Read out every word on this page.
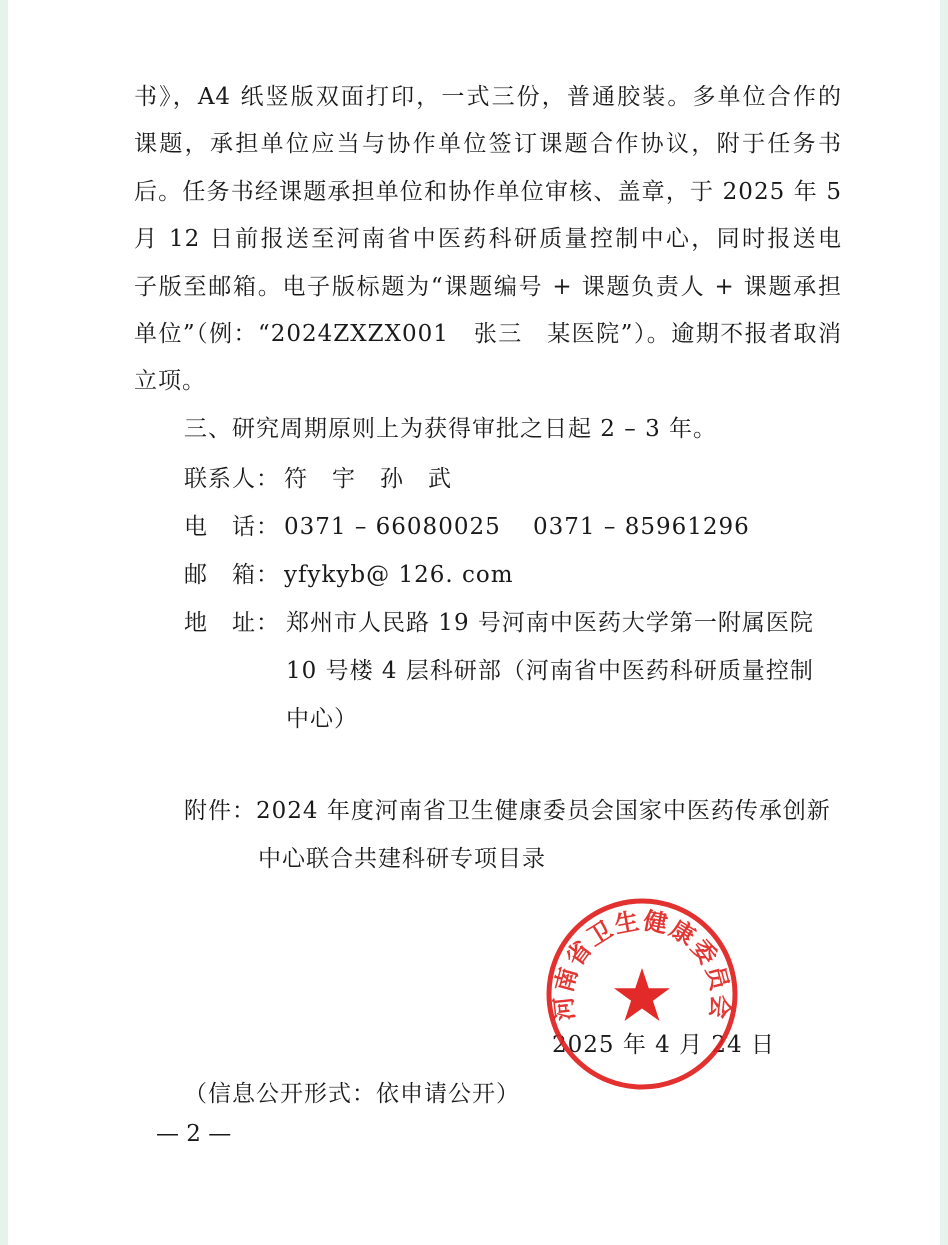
书》，A4 纸竖版双面打印，一式三份，普通胶装。多单位合作的
课题，承担单位应当与协作单位签订课题合作协议，附于任务书
后。任务书经课题承担单位和协作单位审核、盖章，于 2025 年 5
月 12 日前报送至河南省中医药科研质量控制中心，同时报送电
子版至邮箱。电子版标题为“课题编号 + 课题负责人 + 课题承担
单位”（例：“2024ZXZX001　张三　某医院”）。逾期不报者取消
立项。
三、研究周期原则上为获得审批之日起 2 – 3 年。
联系人： 符　宇　孙　武
电　话： 0371 – 66080025　 0371 – 85961296
邮　箱： yfykyb@ 126. com
地　址： 郑州市人民路 19 号河南中医药大学第一附属医院
10 号楼 4 层科研部（河南省中医药科研质量控制
中心）
附件：2024 年度河南省卫生健康委员会国家中医药传承创新
中心联合共建科研专项目录
2025 年 4 月 24 日
河南省卫生健康委员会
（信息公开形式：依申请公开）
— 2 —
